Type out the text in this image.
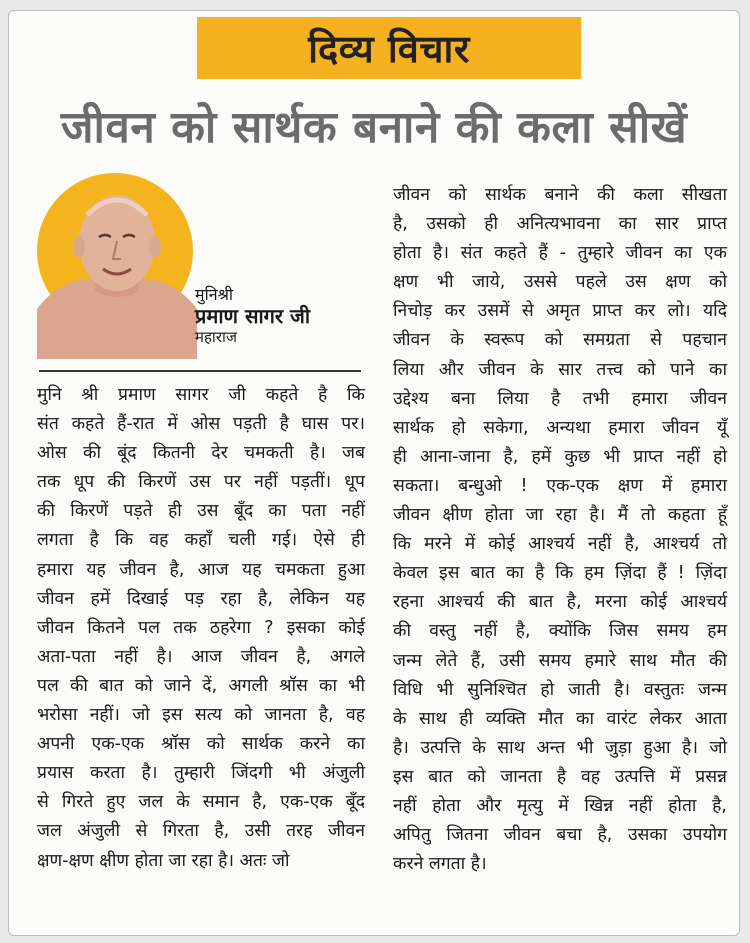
दिव्य विचार
जीवन को सार्थक बनाने की कला सीखें
मुनिश्री
प्रमाण सागर जी
महाराज

मुनि श्री प्रमाण सागर जी कहते है कि

संत कहते हैं-रात में ओस पड़ती है घास पर।

ओस की बूंद कितनी देर चमकती है। जब

तक धूप की किरणें उस पर नहीं पड़तीं। धूप

की किरणें पड़ते ही उस बूँद का पता नहीं

लगता है कि वह कहाँ चली गई। ऐसे ही

हमारा यह जीवन है, आज यह चमकता हुआ

जीवन हमें दिखाई पड़ रहा है, लेकिन यह

जीवन कितने पल तक ठहरेगा ? इसका कोई

अता-पता नहीं है। आज जीवन है, अगले

पल की बात को जाने दें, अगली श्रॉस का भी

भरोसा नहीं। जो इस सत्य को जानता है, वह

अपनी एक-एक श्रॉस को सार्थक करने का

प्रयास करता है। तुम्हारी जिंदगी भी अंजुली

से गिरते हुए जल के समान है, एक-एक बूँद

जल अंजुली से गिरता है, उसी तरह जीवन

क्षण-क्षण क्षीण होता जा रहा है। अतः जो

जीवन को सार्थक बनाने की कला सीखता

है, उसको ही अनित्यभावना का सार प्राप्त

होता है। संत कहते हैं - तुम्हारे जीवन का एक

क्षण भी जाये, उससे पहले उस क्षण को

निचोड़ कर उसमें से अमृत प्राप्त कर लो। यदि

जीवन के स्वरूप को समग्रता से पहचान

लिया और जीवन के सार तत्त्व को पाने का

उद्देश्य बना लिया है तभी हमारा जीवन

सार्थक हो सकेगा, अन्यथा हमारा जीवन यूँ

ही आना-जाना है, हमें कुछ भी प्राप्त नहीं हो

सकता। बन्धुओ ! एक-एक क्षण में हमारा

जीवन क्षीण होता जा रहा है। मैं तो कहता हूँ

कि मरने में कोई आश्चर्य नहीं है, आश्चर्य तो

केवल इस बात का है कि हम ज़िंदा हैं ! ज़िंदा

रहना आश्चर्य की बात है, मरना कोई आश्चर्य

की वस्तु नहीं है, क्योंकि जिस समय हम

जन्म लेते हैं, उसी समय हमारे साथ मौत की

विधि भी सुनिश्चित हो जाती है। वस्तुतः जन्म

के साथ ही व्यक्ति मौत का वारंट लेकर आता

है। उत्पत्ति के साथ अन्त भी जुड़ा हुआ है। जो

इस बात को जानता है वह उत्पत्ति में प्रसन्न

नहीं होता और मृत्यु में खिन्न नहीं होता है,

अपितु जितना जीवन बचा है, उसका उपयोग

करने लगता है।
